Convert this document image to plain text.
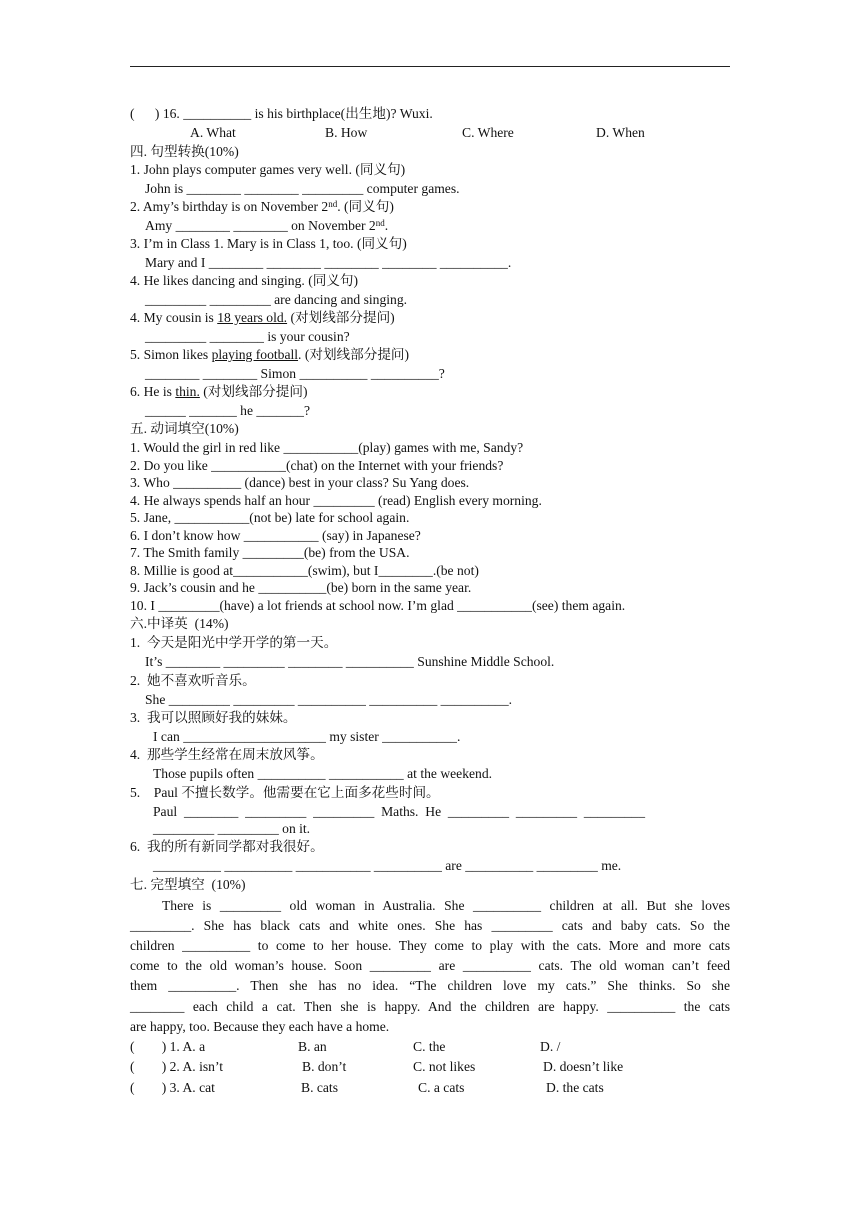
(      ) 16. __________ is his birthplace(出生地)? Wuxi.
A. What	B. How	C. Where	D. When
四. 句型转换(10%)
1. John plays computer games very well. (同义句)
John is ________ ________ _________ computer games.
2. Amy’s birthday is on November 2nd. (同义句)
Amy ________ ________ on November 2nd.
3. I’m in Class 1. Mary is in Class 1, too. (同义句)
Mary and I ________ ________ ________ ________ __________.
4. He likes dancing and singing. (同义句)
_________ _________ are dancing and singing.
4. My cousin is 18 years old. (对划线部分提问)
_________ ________ is your cousin?
5. Simon likes playing football. (对划线部分提问)
________ ________ Simon __________ __________?
6. He is thin. (对划线部分提问)
______ _______ he _______?
五. 动词填空(10%)
1. Would the girl in red like ___________(play) games with me, Sandy?
2. Do you like ___________(chat) on the Internet with your friends?
3. Who __________ (dance) best in your class? Su Yang does.
4. He always spends half an hour _________ (read) English every morning.
5. Jane, ___________(not be) late for school again.
6. I don’t know how ___________ (say) in Japanese?
7. The Smith family _________(be) from the USA.
8. Millie is good at___________(swim), but I________.(be not)
9. Jack’s cousin and he __________(be) born in the same year.
10. I _________(have) a lot friends at school now. I’m glad ___________(see) them again.
六.中译英  (14%)
1.  今天是阳光中学开学的第一天。
It’s ________ _________ ________ __________ Sunshine Middle School.
2.  她不喜欢听音乐。
She _________ _________ __________ __________ __________.
3.  我可以照顾好我的妹妹。
I can _____________________ my sister ___________.
4.  那些学生经常在周末放风筝。
Those pupils often __________ ___________ at the weekend.
5.    Paul 不擅长数学。他需要在它上面多花些时间。
Paul  ________  _________  _________  Maths.  He  _________  _________  _________
_________ _________ on it.
6.  我的所有新同学都对我很好。
__________ __________ ___________ __________ are __________ _________ me.
七. 完型填空  (10%)
There is _________ old woman in Australia. She __________ children at all. But she loves
_________. She has black cats and white ones. She has _________ cats and baby cats. So the
children __________ to come to her house. They come to play with the cats. More and more cats
come to the old woman’s house. Soon _________ are __________ cats. The old woman can’t feed
them __________. Then she has no idea. “The children love my cats.” She thinks. So she
________ each child a cat. Then she is happy. And the children are happy. __________ the cats
are happy, too. Because they each have a home.
(        ) 1. A. a	B. an	C. the	D. /
(        ) 2. A. isn’t	B. don’t	C. not likes	D. doesn’t like
(        ) 3. A. cat	B. cats	C. a cats	D. the cats
